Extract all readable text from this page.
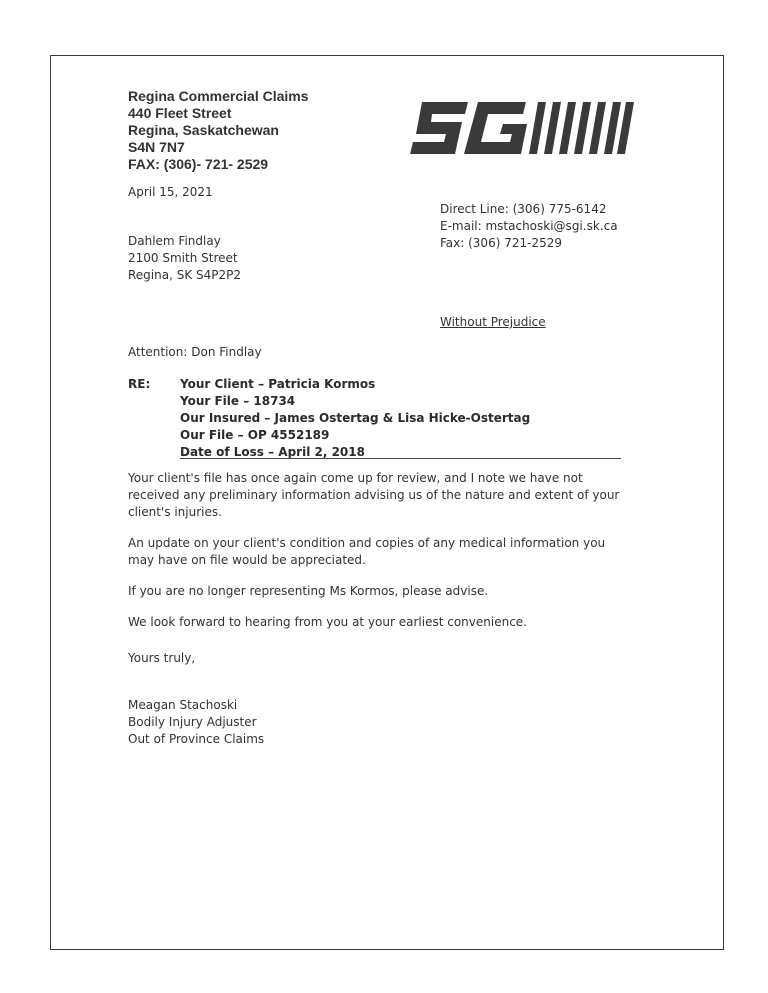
Regina Commercial Claims
440 Fleet Street
Regina, Saskatchewan
S4N 7N7
FAX: (306)- 721- 2529
April 15, 2021
Direct Line: (306) 775-6142
E-mail: mstachoski@sgi.sk.ca
Fax: (306) 721-2529
Dahlem Findlay
2100 Smith Street
Regina, SK S4P2P2
Without Prejudice
Attention: Don Findlay
RE: Your Client – Patricia Kormos
Your File – 18734
Our Insured – James Ostertag & Lisa Hicke-Ostertag
Our File – OP 4552189
Date of Loss – April 2, 2018

Your client's file has once again come up for review, and I note we have not received any preliminary information advising us of the nature and extent of your client's injuries.

An update on your client's condition and copies of any medical information you may have on file would be appreciated.

If you are no longer representing Ms Kormos, please advise.

We look forward to hearing from you at your earliest convenience.

Yours truly,
Meagan Stachoski
Bodily Injury Adjuster
Out of Province Claims
